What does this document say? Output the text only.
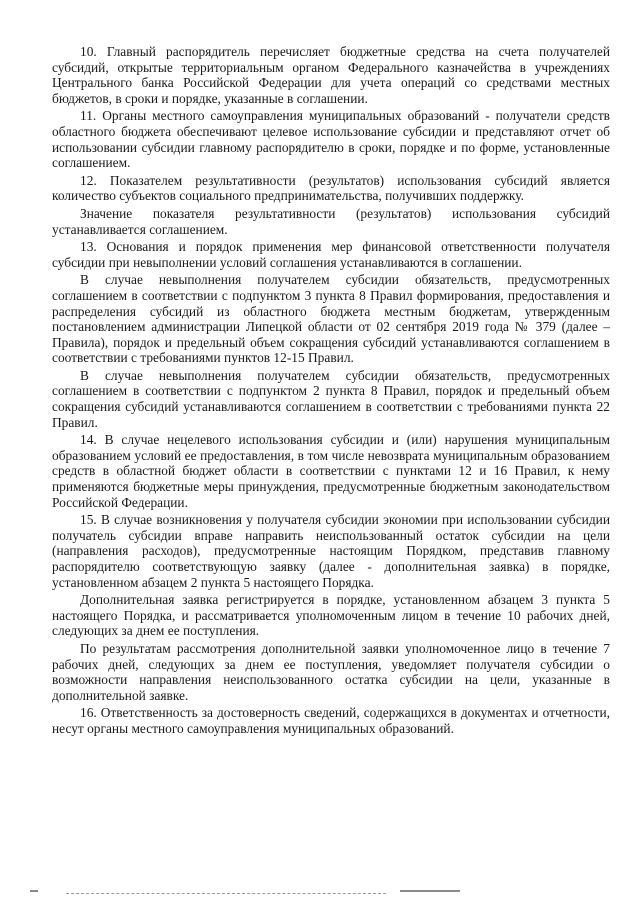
10. Главный распорядитель перечисляет бюджетные средства на счета получателей субсидий, открытые территориальным органом Федерального казначейства в учреждениях Центрального банка Российской Федерации для учета операций со средствами местных бюджетов, в сроки и порядке, указанные в соглашении.

11. Органы местного самоуправления муниципальных образований - получатели средств областного бюджета обеспечивают целевое использование субсидии и представляют отчет об использовании субсидии главному распорядителю в сроки, порядке и по форме, установленные соглашением.

12. Показателем результативности (результатов) использования субсидий является количество субъектов социального предпринимательства, получивших поддержку.

Значение показателя результативности (результатов) использования субсидий устанавливается соглашением.

13. Основания и порядок применения мер финансовой ответственности получателя субсидии при невыполнении условий соглашения устанавливаются в соглашении.

В случае невыполнения получателем субсидии обязательств, предусмотренных соглашением в соответствии с подпунктом 3 пункта 8 Правил формирования, предоставления и распределения субсидий из областного бюджета местным бюджетам, утвержденным постановлением администрации Липецкой области от 02 сентября 2019 года № 379 (далее – Правила), порядок и предельный объем сокращения субсидий устанавливаются соглашением в соответствии с требованиями пунктов 12-15 Правил.

В случае невыполнения получателем субсидии обязательств, предусмотренных соглашением в соответствии с подпунктом 2 пункта 8 Правил, порядок и предельный объем сокращения субсидий устанавливаются соглашением в соответствии с требованиями пункта 22 Правил.

14. В случае нецелевого использования субсидии и (или) нарушения муниципальным образованием условий ее предоставления, в том числе невозврата муниципальным образованием средств в областной бюджет области в соответствии с пунктами 12 и 16 Правил, к нему применяются бюджетные меры принуждения, предусмотренные бюджетным законодательством Российской Федерации.

15. В случае возникновения у получателя субсидии экономии при использовании субсидии получатель субсидии вправе направить неиспользованный остаток субсидии на цели (направления расходов), предусмотренные настоящим Порядком, представив главному распорядителю соответствующую заявку (далее - дополнительная заявка) в порядке, установленном абзацем 2 пункта 5 настоящего Порядка.

Дополнительная заявка регистрируется в порядке, установленном абзацем 3 пункта 5 настоящего Порядка, и рассматривается уполномоченным лицом в течение 10 рабочих дней, следующих за днем ее поступления.

По результатам рассмотрения дополнительной заявки уполномоченное лицо в течение 7 рабочих дней, следующих за днем ее поступления, уведомляет получателя субсидии о возможности направления неиспользованного остатка субсидии на цели, указанные в дополнительной заявке.

16. Ответственность за достоверность сведений, содержащихся в документах и отчетности, несут органы местного самоуправления муниципальных образований.
